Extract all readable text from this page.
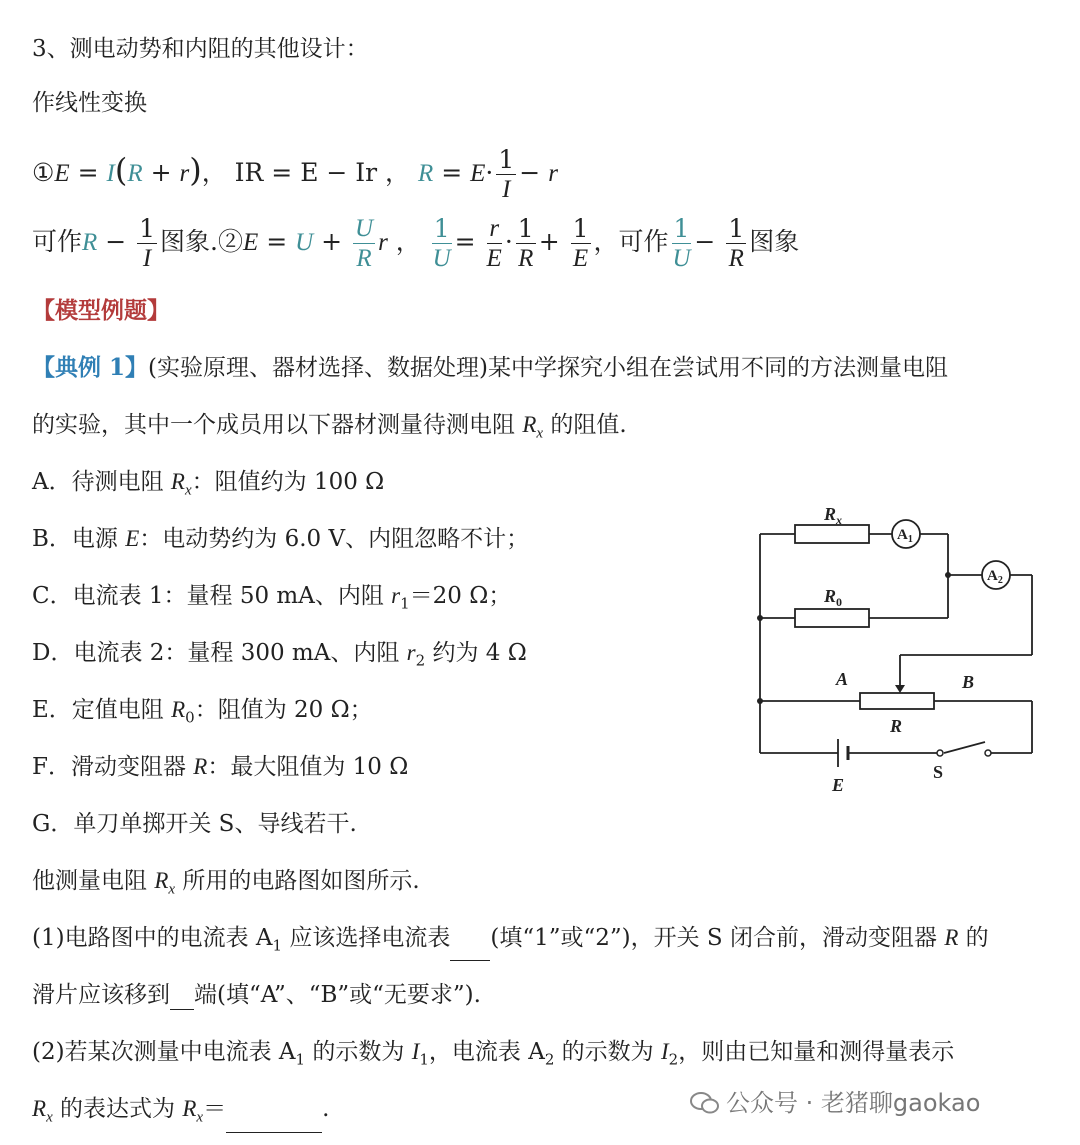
3、测电动势和内阻的其他设计：
作线性变换
①E = I(R + r)， IR = E − Ir ， $R = E\cdot \frac{1}{I} - r$
可作$R - \frac{1}{I}$ 图象.②E = $U + \frac{U}{R}$ r ， $\frac{1}{U} = \frac{r}{E} \cdot \frac{1}{R} + \frac{1}{E}$ ，可作 $\frac{1}{U} - \frac{1}{R}$ 图象
【模型例题】
【典例 1】(实验原理、器材选择、数据处理)某中学探究小组在尝试用不同的方法测量电阻
的实验，其中一个成员用以下器材测量待测电阻 $R_x$ 的阻值.
A．待测电阻 $R_x$：阻值约为 100 Ω
B．电源 E：电动势约为 6.0 V、内阻忽略不计；
C．电流表 1：量程 50 mA、内阻 $r_1=20$ Ω；
D．电流表 2：量程 300 mA、内阻 $r_2$ 约为 4 Ω
E．定值电阻 $R_0$：阻值为 20 Ω；
F．滑动变阻器 R：最大阻值为 10 Ω
G．单刀单掷开关 S、导线若干.
他测量电阻 $R_x$ 所用的电路图如图所示.
(1)电路图中的电流表 $A_1$ 应该选择电流表 (填“1”或“2”)，开关 S 闭合前，滑动变阻器 R 的
滑片应该移到 端(填“A”、“B”或“无要求”).
(2)若某次测量中电流表 $A_1$ 的示数为 $I_1$，电流表 $A_2$ 的示数为 $I_2$，则由已知量和测得量表示
$R_x$ 的表达式为 $R_x=$	.
$R_x$
$R_0$
A	B
R
E
S
$A_1$
$A_2$
公众号 · 老猪聊gaokao
